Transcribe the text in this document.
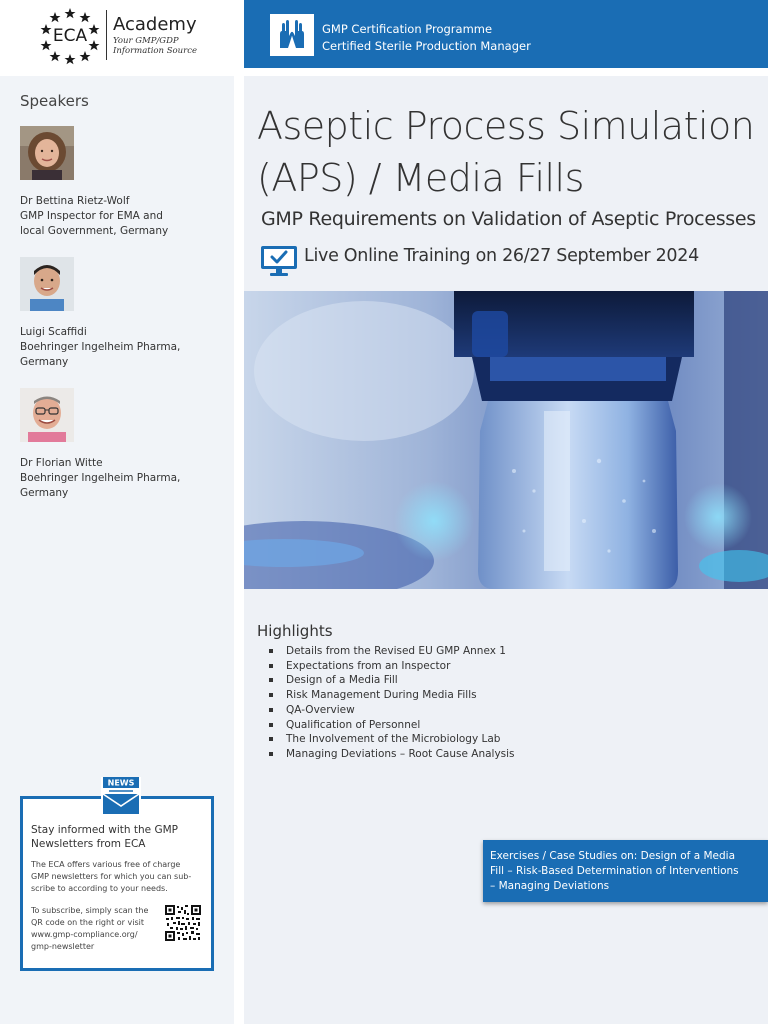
ECA
Academy
Your GMP/GDP
Information Source
GMP Certification Programme
Certified Sterile Production Manager
Speakers
Dr Bettina Rietz-Wolf
GMP Inspector for EMA and
local Government, Germany
Luigi Scaffidi
Boehringer Ingelheim Pharma,
Germany
Dr Florian Witte
Boehringer Ingelheim Pharma,
Germany
NEWS
Stay informed with the GMP
Newsletters from ECA
The ECA offers various free of charge
GMP newsletters for which you can sub-
scribe to according to your needs.
To subscribe, simply scan the
QR code on the right or visit
www.gmp-compliance.org/
gmp-newsletter
Aseptic Process Simulation
(APS) / Media Fills
GMP Requirements on Validation of Aseptic Processes
Live Online Training on 26/27 September 2024
Highlights
Details from the Revised EU GMP Annex 1
Expectations from an Inspector
Design of a Media Fill
Risk Management During Media Fills
QA-Overview
Qualification of Personnel
The Involvement of the Microbiology Lab
Managing Deviations – Root Cause Analysis

Exercises / Case Studies on: Design of a Media
Fill – Risk-Based Determination of Interventions
– Managing Deviations
